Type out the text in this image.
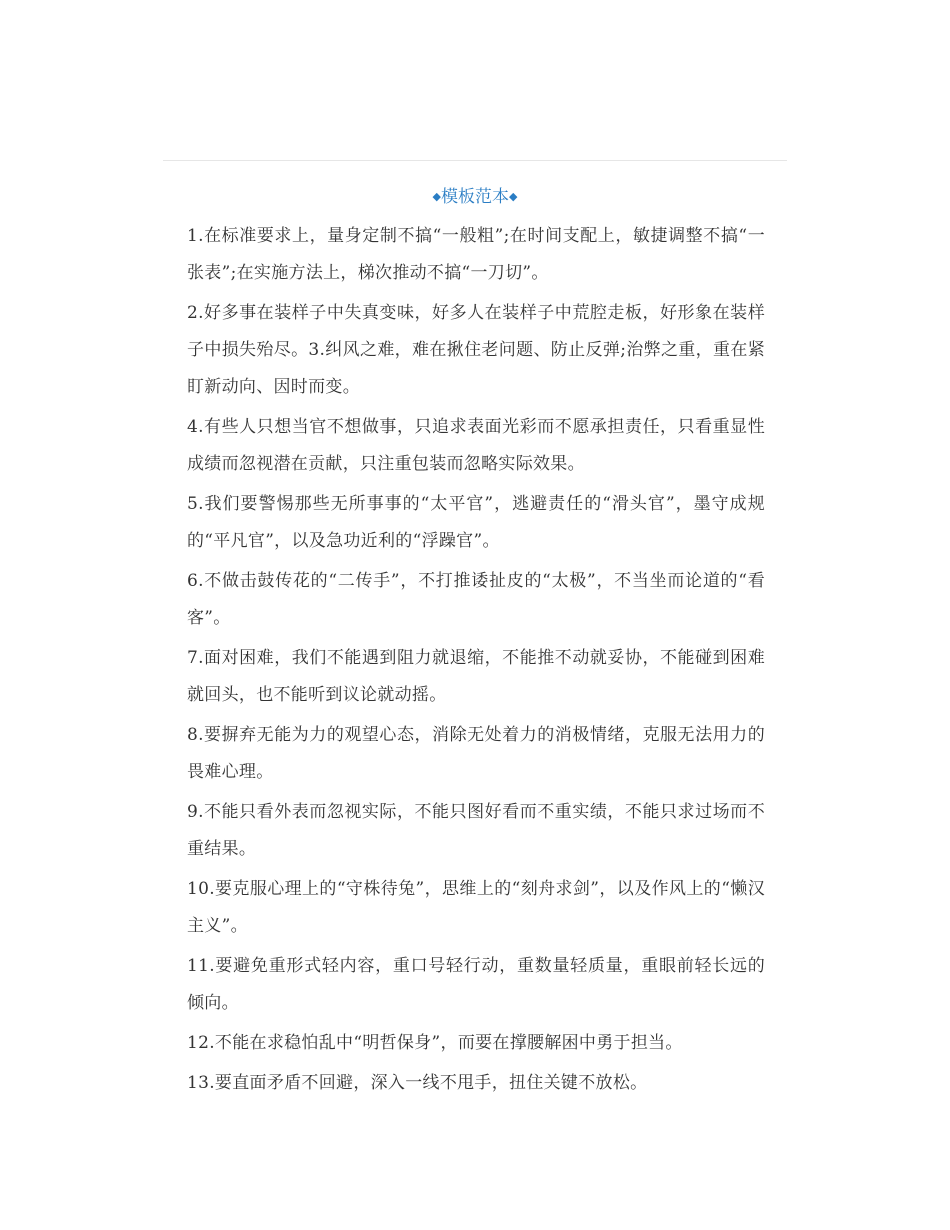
◆模板范本◆

1.在标准要求上，量身定制不搞“一般粗”;在时间支配上，敏捷调整不搞“一张表”;在实施方法上，梯次推动不搞“一刀切”。

2.好多事在装样子中失真变味，好多人在装样子中荒腔走板，好形象在装样子中损失殆尽。3.纠风之难，难在揪住老问题、防止反弹;治弊之重，重在紧盯新动向、因时而变。

4.有些人只想当官不想做事，只追求表面光彩而不愿承担责任，只看重显性成绩而忽视潜在贡献，只注重包装而忽略实际效果。

5.我们要警惕那些无所事事的“太平官”，逃避责任的“滑头官”，墨守成规的“平凡官”，以及急功近利的“浮躁官”。

6.不做击鼓传花的“二传手”，不打推诿扯皮的“太极”，不当坐而论道的“看客”。

7.面对困难，我们不能遇到阻力就退缩，不能推不动就妥协，不能碰到困难就回头，也不能听到议论就动摇。

8.要摒弃无能为力的观望心态，消除无处着力的消极情绪，克服无法用力的畏难心理。

9.不能只看外表而忽视实际，不能只图好看而不重实绩，不能只求过场而不重结果。

10.要克服心理上的“守株待兔”，思维上的“刻舟求剑”，以及作风上的“懒汉主义”。

11.要避免重形式轻内容，重口号轻行动，重数量轻质量，重眼前轻长远的倾向。

12.不能在求稳怕乱中“明哲保身”，而要在撑腰解困中勇于担当。

13.要直面矛盾不回避，深入一线不甩手，扭住关键不放松。
